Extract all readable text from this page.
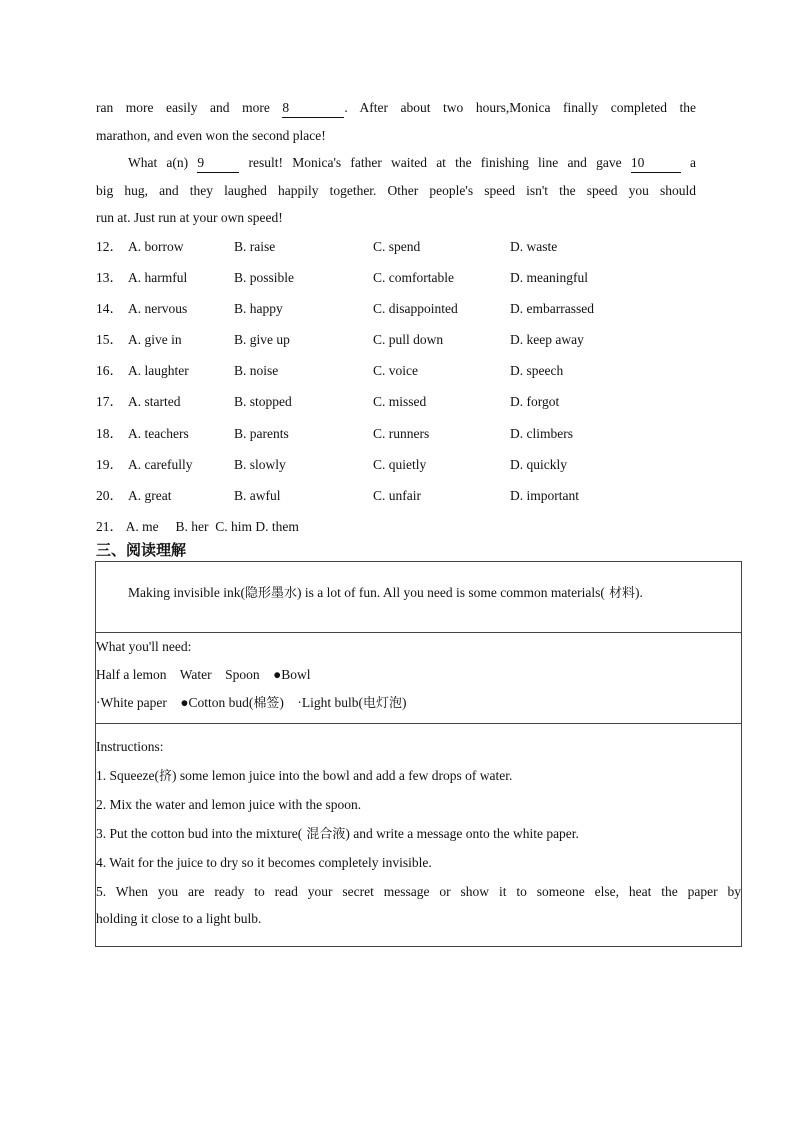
ran more easily and more 8	. After about two hours,Monica finally completed the
marathon, and even won the second place!
What a(n) 9	result! Monica's father waited at the finishing line and gave 10	a
big hug, and they laughed happily together. Other people's speed isn't the speed you should
run at. Just run at your own speed!
12． A. borrow	B. raise	C. spend	D. waste
13． A. harmful	B. possible	C. comfortable	D. meaningful
14． A. nervous	B. happy	C. disappointed	D. embarrassed
15． A. give in	B. give up	C. pull down	D. keep away
16． A. laughter	B. noise	C. voice	D. speech
17． A. started	B. stopped	C. missed	D. forgot
18． A. teachers	B. parents	C. runners	D. climbers
19． A. carefully	B. slowly	C. quietly	D. quickly
20． A. great	B. awful	C. unfair	D. important
21． A. me B. her C. him D. them
三、阅读理解
Making invisible ink(隐形墨水) is a lot of fun. All you need is some common materials( 材料).
What you'll need:
Half a lemon    Water    Spoon    ●Bowl
·White paper    ●Cotton bud(棉签)    ·Light bulb(电灯泡)
Instructions:
1. Squeeze(挤) some lemon juice into the bowl and add a few drops of water.
2. Mix the water and lemon juice with the spoon.
3. Put the cotton bud into the mixture( 混合液) and write a message onto the white paper.
4. Wait for the juice to dry so it becomes completely invisible.
5. When you are ready to read your secret message or show it to someone else, heat the paper by
holding it close to a light bulb.
